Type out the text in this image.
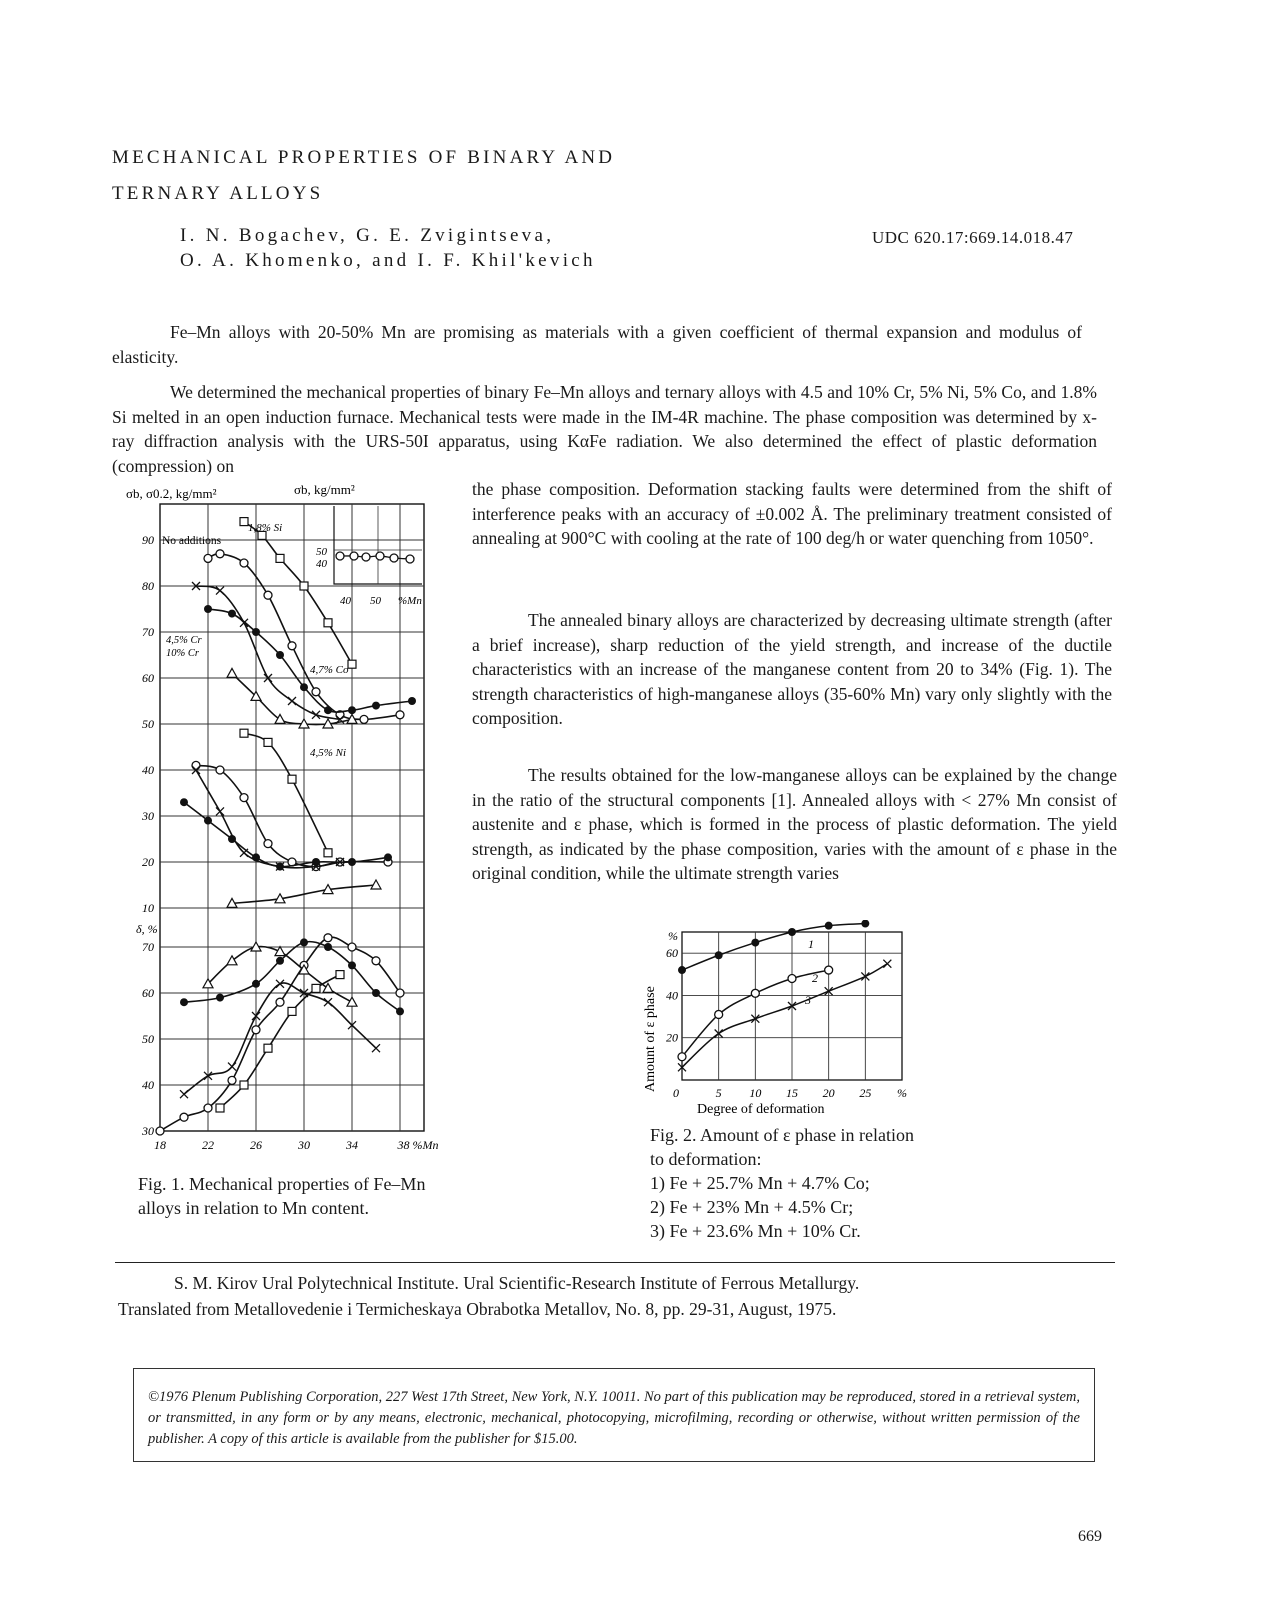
MECHANICAL PROPERTIES OF BINARY AND
TERNARY ALLOYS
I. N. Bogachev, G. E. Zvigintseva,
O. A. Khomenko, and I. F. Khil'kevich
UDC 620.17:669.14.018.47
Fe–Mn alloys with 20-50% Mn are promising as materials with a given coefficient of thermal expansion and modulus of elasticity.
We determined the mechanical properties of binary Fe–Mn alloys and ternary alloys with 4.5 and 10% Cr, 5% Ni, 5% Co, and 1.8% Si melted in an open induction furnace. Mechanical tests were made in the IM-4R machine. The phase composition was determined by x-ray diffraction analysis with the URS-50I apparatus, using KαFe radiation. We also determined the effect of plastic deformation (compression) on
the phase composition. Deformation stacking faults were determined from the shift of interference peaks with an accuracy of ±0.002 Å. The preliminary treatment consisted of annealing at 900°C with cooling at the rate of 100 deg/h or water quenching from 1050°.
The annealed binary alloys are characterized by decreasing ultimate strength (after a brief increase), sharp reduction of the yield strength, and increase of the ductile characteristics with an increase of the manganese content from 20 to 34% (Fig. 1). The strength characteristics of high-manganese alloys (35-60% Mn) vary only slightly with the composition.
The results obtained for the low-manganese alloys can be explained by the change in the ratio of the structural components [1]. Annealed alloys with < 27% Mn consist of austenite and ε phase, which is formed in the process of plastic deformation. The yield strength, as indicated by the phase composition, varies with the amount of ε phase in the original condition, while the ultimate strength varies
σb, σ0.2, kg/mm²	σb, kg/mm²
δ, %
90
80
70
60
50
40
30
20
10
70
60
50
40
30
18	22	26	30	34	38 %Mn
No additions
1,8% Si
4,5% Cr
10% Cr
4,7% Co
4,5% Ni
50
40
40 50 %Mn
Fig. 1. Mechanical properties of Fe–Mn alloys in relation to Mn content.
Amount of ε phase
Degree of deformation
1
2
3
0	5 10 15 20 25 %
%
60
40
20
Fig. 2. Amount of ε phase in relation to deformation:
1) Fe + 25.7% Mn + 4.7% Co;
2) Fe + 23% Mn + 4.5% Cr;
3) Fe + 23.6% Mn + 10% Cr.
S. M. Kirov Ural Polytechnical Institute. Ural Scientific-Research Institute of Ferrous Metallurgy.
Translated from Metallovedenie i Termicheskaya Obrabotka Metallov, No. 8, pp. 29-31, August, 1975.
©1976 Plenum Publishing Corporation, 227 West 17th Street, New York, N.Y. 10011. No part of this publication may be reproduced, stored in a retrieval system, or transmitted, in any form or by any means, electronic, mechanical, photocopying, microfilming, recording or otherwise, without written permission of the publisher. A copy of this article is available from the publisher for $15.00.
669
